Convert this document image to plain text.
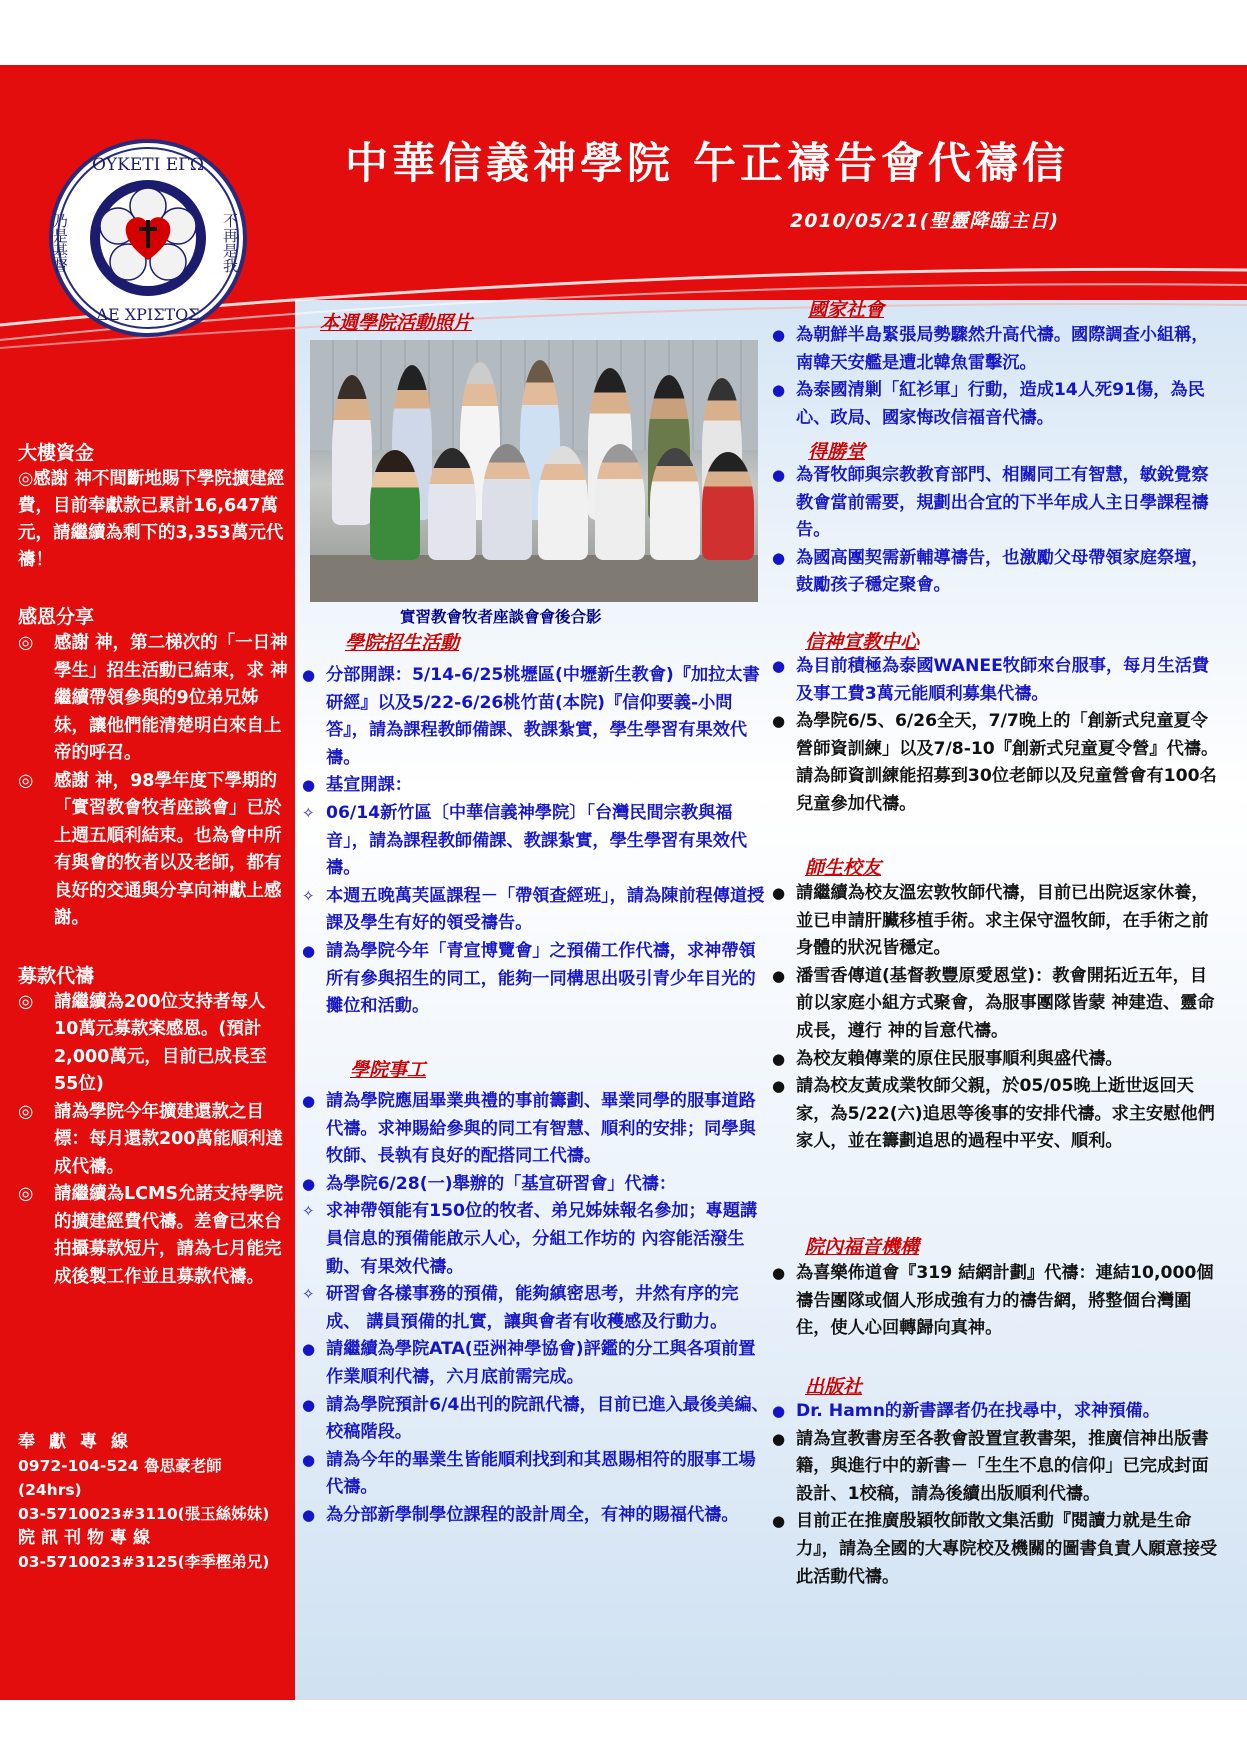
ΟΥΚΕΤΙ ΕΓΩ
ΔΕ ΧΡΙΣΤΟΣ
不再是我
乃是基督
中華信義神學院 午正禱告會代禱信
2010/05/21(聖靈降臨主日)
大樓資金
◎感謝 神不間斷地賜下學院擴建經費，目前奉獻款已累計16,647萬元，請繼續為剩下的3,353萬元代禱！
感恩分享
◎ 感謝 神，第二梯次的「一日神學生」招生活動已結束，求 神繼續帶領參與的9位弟兄姊妹，讓他們能清楚明白來自上帝的呼召。
◎ 感謝 神，98學年度下學期的「實習教會牧者座談會」已於上週五順利結束。也為會中所有與會的牧者以及老師，都有良好的交通與分享向神獻上感謝。
募款代禱
◎ 請繼續為200位支持者每人10萬元募款案感恩。(預計2,000萬元，目前已成長至55位)
◎ 請為學院今年擴建還款之目標：每月還款200萬能順利達成代禱。
◎ 請繼續為LCMS允諾支持學院的擴建經費代禱。差會已來台拍攝募款短片，請為七月能完成後製工作並且募款代禱。
奉獻專線
0972-104-524 魯思豪老師
(24hrs)
03-5710023#3110(張玉絲姊妹)
院訊刊物專線
03-5710023#3125(李季樫弟兄)
本週學院活動照片
實習教會牧者座談會會後合影
學院招生活動
● 分部開課：5/14-6/25桃壢區(中壢新生教會)『加拉太書研經』以及5/22-6/26桃竹苗(本院)『信仰要義-小問答』，請為課程教師備課、教課紮實，學生學習有果效代禱。
● 基宣開課：
✧ 06/14新竹區〔中華信義神學院〕「台灣民間宗教與福音」，請為課程教師備課、教課紮實，學生學習有果效代禱。
✧ 本週五晚萬芙區課程－「帶領查經班」，請為陳前程傳道授課及學生有好的領受禱告。
● 請為學院今年「青宣博覽會」之預備工作代禱，求神帶領所有參與招生的同工，能夠一同構思出吸引青少年目光的攤位和活動。
學院事工
● 請為學院應屆畢業典禮的事前籌劃、畢業同學的服事道路代禱。求神賜給參與的同工有智慧、順利的安排；同學與牧師、長執有良好的配搭同工代禱。
● 為學院6/28(一)舉辦的「基宣研習會」代禱：
✧ 求神帶領能有150位的牧者、弟兄姊妹報名參加；專題講員信息的預備能啟示人心，分組工作坊的 內容能活潑生動、有果效代禱。
✧ 研習會各樣事務的預備，能夠縝密思考，井然有序的完成、 講員預備的扎實，讓與會者有收穫感及行動力。
● 請繼續為學院ATA(亞洲神學協會)評鑑的分工與各項前置作業順利代禱，六月底前需完成。
● 請為學院預計6/4出刊的院訊代禱，目前已進入最後美編、校稿階段。
● 請為今年的畢業生皆能順利找到和其恩賜相符的服事工場代禱。
● 為分部新學制學位課程的設計周全，有神的賜福代禱。
國家社會
● 為朝鮮半島緊張局勢驟然升高代禱。國際調查小組稱，南韓天安艦是遭北韓魚雷擊沉。
● 為泰國清剿「紅衫軍」行動，造成14人死91傷，為民心、政局、國家悔改信福音代禱。
得勝堂
● 為胥牧師與宗教教育部門、相關同工有智慧，敏銳覺察教會當前需要，規劃出合宜的下半年成人主日學課程禱告。
● 為國高團契需新輔導禱告，也激勵父母帶領家庭祭壇，鼓勵孩子穩定聚會。
信神宣教中心
● 為目前積極為泰國WANEE牧師來台服事，每月生活費及事工費3萬元能順利募集代禱。
● 為學院6/5、6/26全天，7/7晚上的「創新式兒童夏令營師資訓練」以及7/8-10『創新式兒童夏令營』代禱。請為師資訓練能招募到30位老師以及兒童營會有100名兒童參加代禱。
師生校友
● 請繼續為校友溫宏敦牧師代禱，目前已出院返家休養，並已申請肝臟移植手術。求主保守溫牧師，在手術之前身體的狀況皆穩定。
● 潘雪香傳道(基督教豐原愛恩堂)：教會開拓近五年，目前以家庭小組方式聚會，為服事團隊皆蒙 神建造、靈命成長，遵行 神的旨意代禱。
● 為校友賴傳業的原住民服事順利與盛代禱。
● 請為校友黃成業牧師父親，於05/05晚上逝世返回天家，為5/22(六)追思等後事的安排代禱。求主安慰他們家人，並在籌劃追思的過程中平安、順利。
院內福音機構
● 為喜樂佈道會『319 結網計劃』代禱：連結10,000個禱告團隊或個人形成強有力的禱告網，將整個台灣圍住，使人心回轉歸向真神。
出版社
● Dr. Hamn的新書譯者仍在找尋中，求神預備。
● 請為宣教書房至各教會設置宣教書架，推廣信神出版書籍，與進行中的新書－「生生不息的信仰」已完成封面設計、1校稿，請為後續出版順利代禱。
● 目前正在推廣殷穎牧師散文集活動『閱讀力就是生命力』，請為全國的大專院校及機關的圖書負責人願意接受此活動代禱。
